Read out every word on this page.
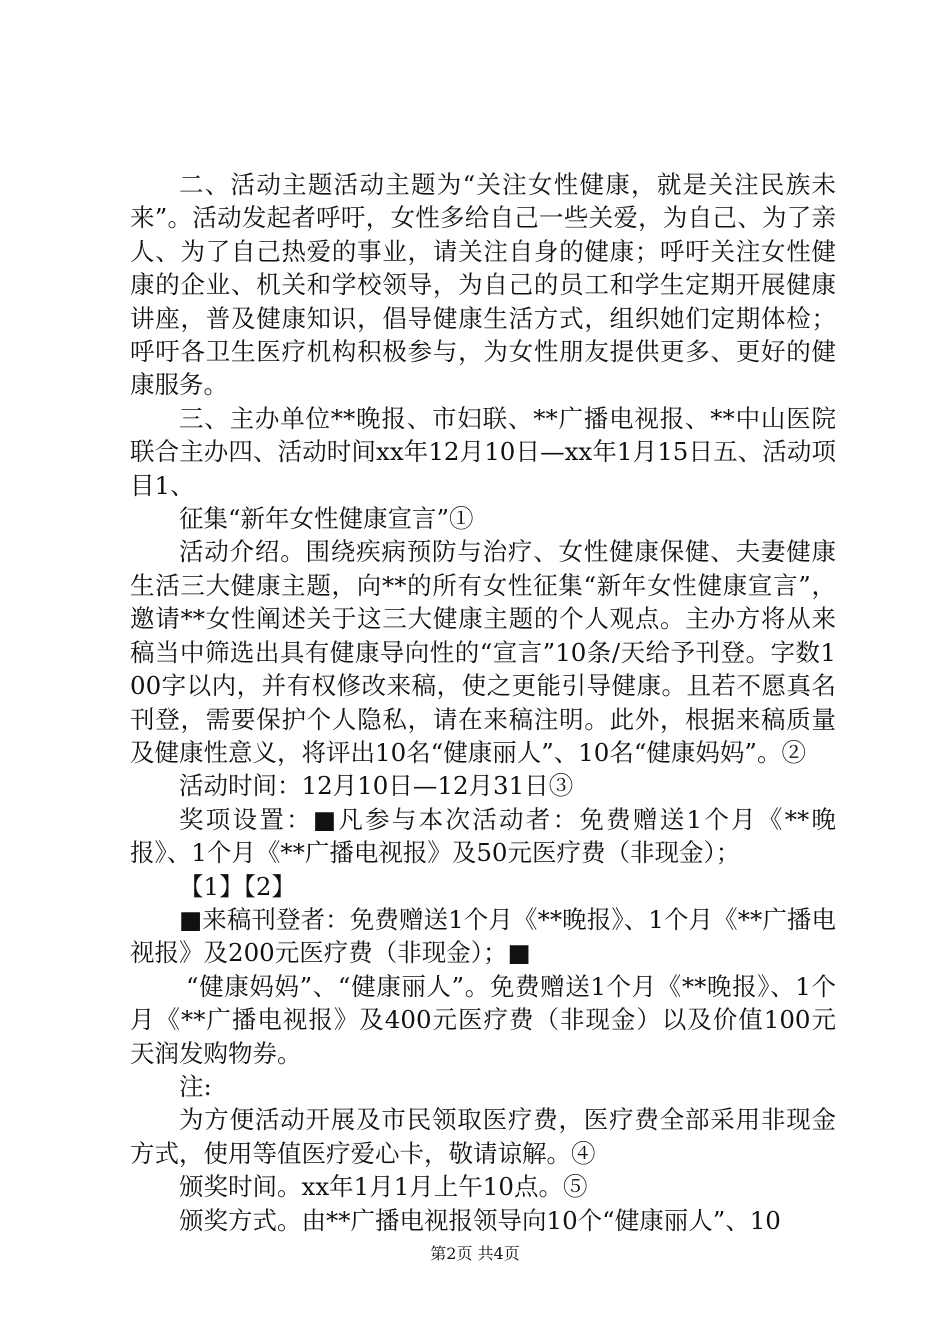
二、活动主题活动主题为“关注女性健康，就是关注民族未来”。活动发起者呼吁，女性多给自己一些关爱，为自己、为了亲人、为了自己热爱的事业，请关注自身的健康；呼吁关注女性健康的企业、机关和学校领导，为自己的员工和学生定期开展健康讲座，普及健康知识，倡导健康生活方式，组织她们定期体检；呼吁各卫生医疗机构积极参与，为女性朋友提供更多、更好的健康服务。

三、主办单位**晚报、市妇联、**广播电视报、**中山医院联合主办四、活动时间xx年12月10日—xx年1月15日五、活动项目1、

征集“新年女性健康宣言”①

活动介绍。围绕疾病预防与治疗、女性健康保健、夫妻健康生活三大健康主题，向**的所有女性征集“新年女性健康宣言”，邀请**女性阐述关于这三大健康主题的个人观点。主办方将从来稿当中筛选出具有健康导向性的“宣言”10条/天给予刊登。字数100字以内，并有权修改来稿，使之更能引导健康。且若不愿真名刊登，需要保护个人隐私，请在来稿注明。此外，根据来稿质量及健康性意义，将评出10名“健康丽人”、10名“健康妈妈”。②

活动时间：12月10日—12月31日③

奖项设置：■凡参与本次活动者：免费赠送1个月《**晚报》、1个月《**广播电视报》及50元医疗费（非现金）；

【1】【2】

■来稿刊登者：免费赠送1个月《**晚报》、1个月《**广播电视报》及200元医疗费（非现金）；■

“健康妈妈”、“健康丽人”。免费赠送1个月《**晚报》、1个月《**广播电视报》及400元医疗费（非现金）以及价值100元天润发购物券。

注:

为方便活动开展及市民领取医疗费，医疗费全部采用非现金方式，使用等值医疗爱心卡，敬请谅解。④

颁奖时间。xx年1月1月上午10点。⑤

颁奖方式。由**广播电视报领导向10个“健康丽人”、10

第2页 共4页
